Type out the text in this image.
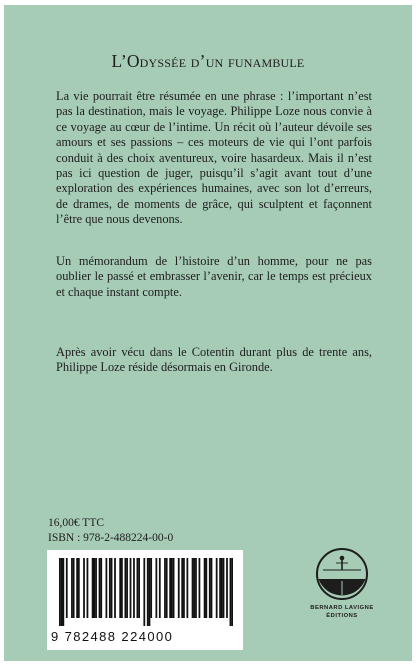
L’Odyssée d’un funambule

La vie pourrait être résumée en une phrase : l’important n’est pas la destination, mais le voyage. Philippe Loze nous convie à ce voyage au cœur de l’intime. Un récit où l’auteur dévoile ses amours et ses passions – ces moteurs de vie qui l’ont parfois conduit à des choix aventureux, voire hasardeux. Mais il n’est pas ici question de juger, puisqu’il s’agit avant tout d’une exploration des expériences humaines, avec son lot d’erreurs, de drames, de moments de grâce, qui sculptent et façonnent l’être que nous devenons.

Un mémorandum de l’histoire d’un homme, pour ne pas oublier le passé et embrasser l’avenir, car le temps est précieux et chaque instant compte.

Après avoir vécu dans le Cotentin durant plus de trente ans, Philippe Loze réside désormais en Gironde.

16,00€ TTC
ISBN : 978-2-488224-00-0
9 782488 224000
BERNARD LAVIGNE
ÉDITIONS
